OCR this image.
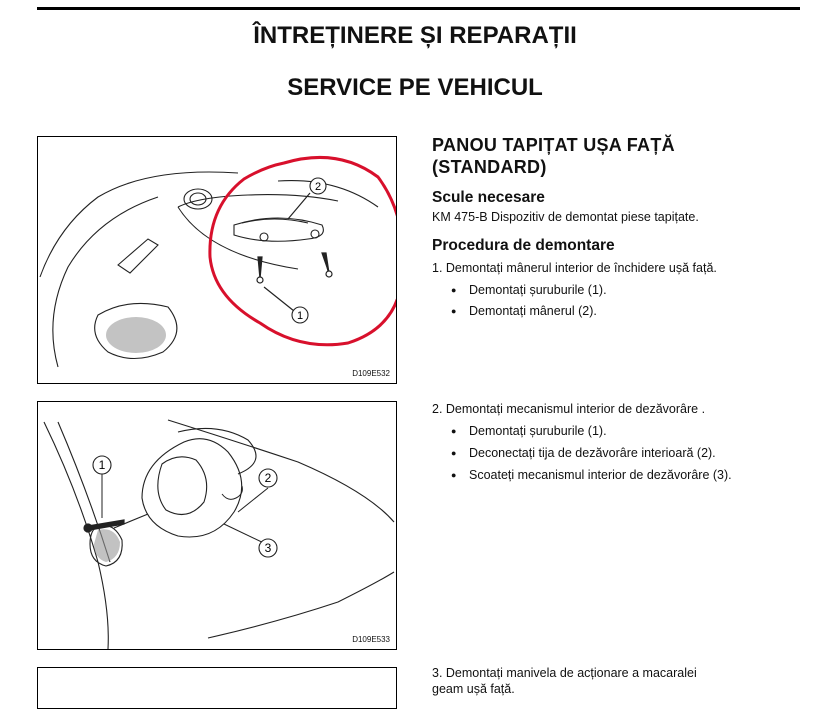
ÎNTREȚINERE ȘI REPARAȚII
SERVICE PE VEHICUL
1
2
D109E532
1
2
3
D109E533
PANOU TAPIȚAT UȘA FAȚĂ
(STANDARD)
Scule necesare
KM 475-B Dispozitiv de demontat piese tapițate.
Procedura de demontare
1. Demontați mânerul interior de închidere ușă față.
● Demontați șuruburile (1).
● Demontați mânerul (2).
2. Demontați mecanismul interior de dezăvorâre .
● Demontați șuruburile (1).
● Deconectați tija de dezăvorâre interioară (2).
● Scoateți mecanismul interior de dezăvorâre (3).
3. Demontați manivela de acționare a macaralei
geam ușă față.
